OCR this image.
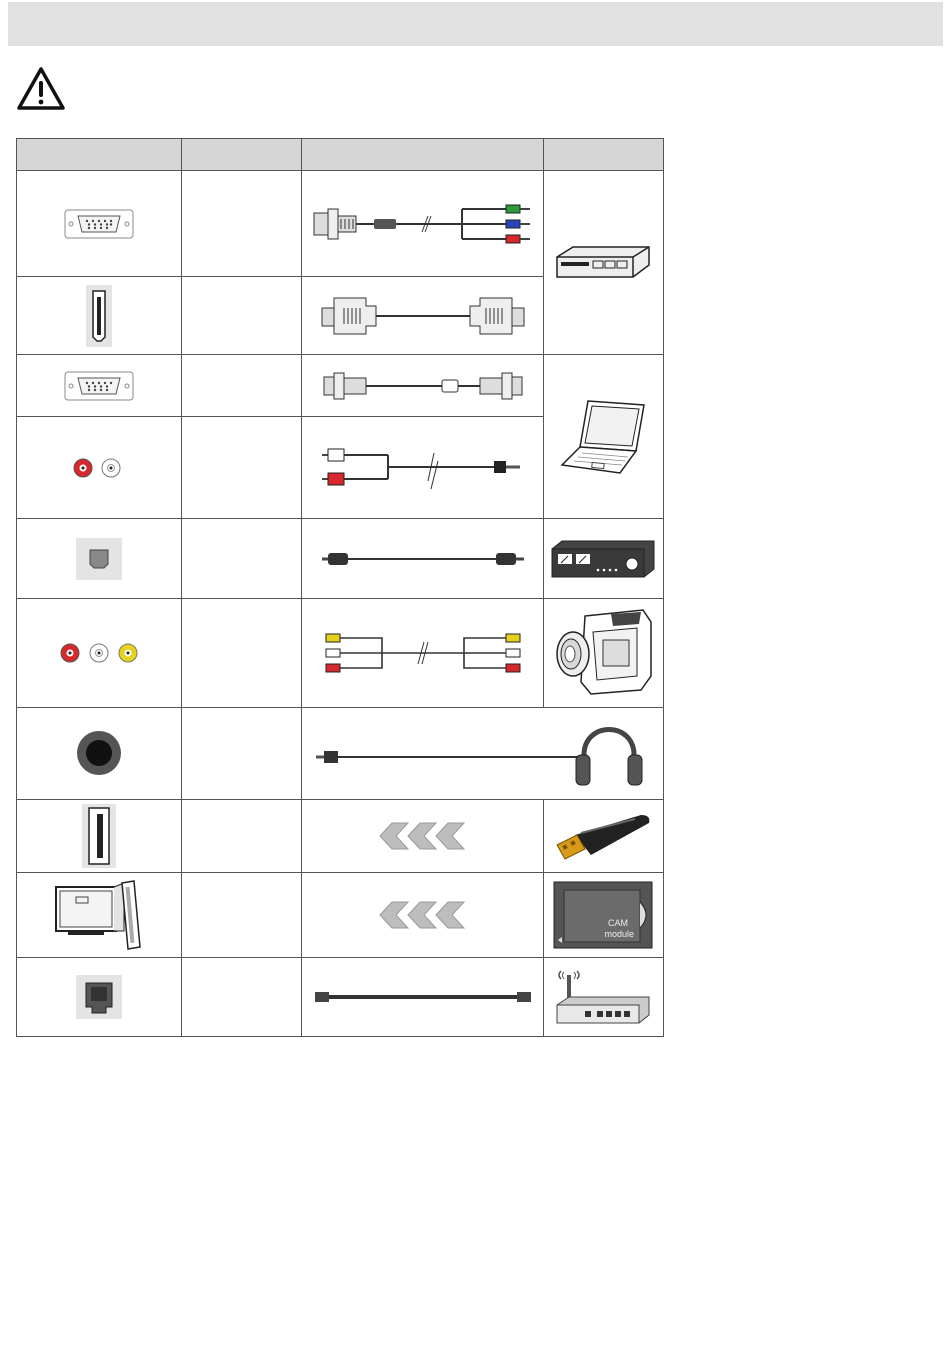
CAM
module
